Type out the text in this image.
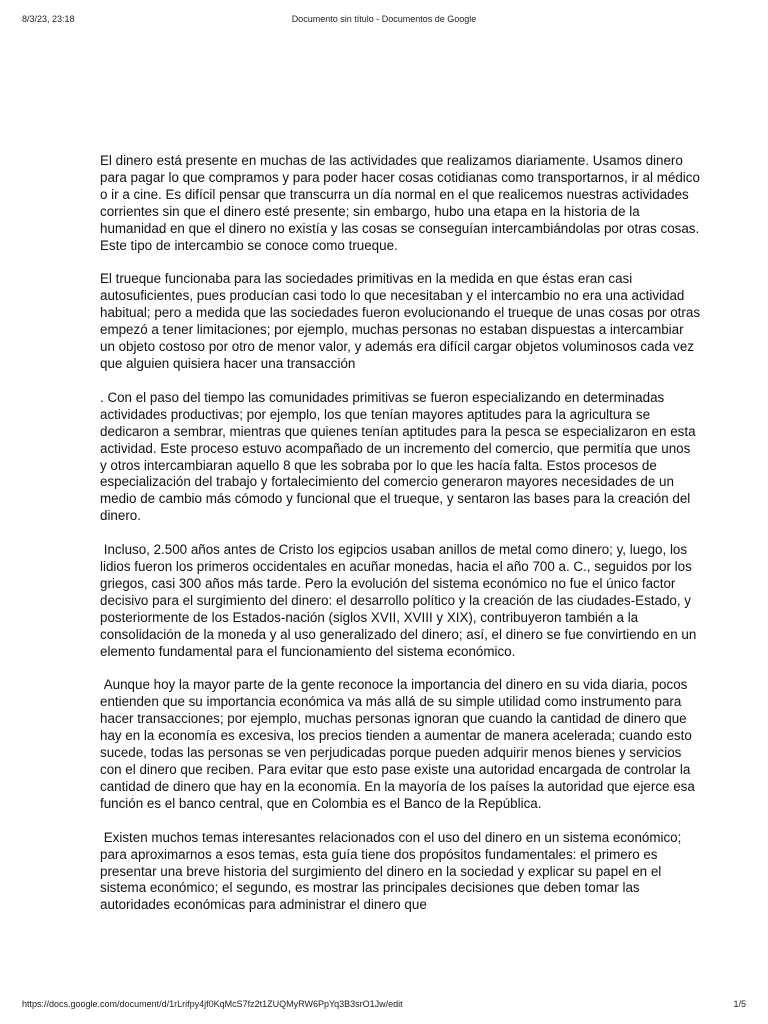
8/3/23, 23:18	Documento sin título - Documentos de Google

El dinero está presente en muchas de las actividades que realizamos diariamente. Usamos dinero para pagar lo que compramos y para poder hacer cosas cotidianas como transportarnos, ir al médico o ir a cine. Es difícil pensar que transcurra un día normal en el que realicemos nuestras actividades corrientes sin que el dinero esté presente; sin embargo, hubo una etapa en la historia de la humanidad en que el dinero no existía y las cosas se conseguían intercambiándolas por otras cosas. Este tipo de intercambio se conoce como trueque.

El trueque funcionaba para las sociedades primitivas en la medida en que éstas eran casi autosuficientes, pues producían casi todo lo que necesitaban y el intercambio no era una actividad habitual; pero a medida que las sociedades fueron evolucionando el trueque de unas cosas por otras empezó a tener limitaciones; por ejemplo, muchas personas no estaban dispuestas a intercambiar un objeto costoso por otro de menor valor, y además era difícil cargar objetos voluminosos cada vez que alguien quisiera hacer una transacción

. Con el paso del tiempo las comunidades primitivas se fueron especializando en determinadas actividades productivas; por ejemplo, los que tenían mayores aptitudes para la agricultura se dedicaron a sembrar, mientras que quienes tenían aptitudes para la pesca se especializaron en esta actividad. Este proceso estuvo acompañado de un incremento del comercio, que permitía que unos y otros intercambiaran aquello 8 que les sobraba por lo que les hacía falta. Estos procesos de especialización del trabajo y fortalecimiento del comercio generaron mayores necesidades de un medio de cambio más cómodo y funcional que el trueque, y sentaron las bases para la creación del dinero.

Incluso, 2.500 años antes de Cristo los egipcios usaban anillos de metal como dinero; y, luego, los lidios fueron los primeros occidentales en acuñar monedas, hacia el año 700 a. C., seguidos por los griegos, casi 300 años más tarde. Pero la evolución del sistema económico no fue el único factor decisivo para el surgimiento del dinero: el desarrollo político y la creación de las ciudades-Estado, y posteriormente de los Estados-nación (siglos XVII, XVIII y XIX), contribuyeron también a la consolidación de la moneda y al uso generalizado del dinero; así, el dinero se fue convirtiendo en un elemento fundamental para el funcionamiento del sistema económico.

Aunque hoy la mayor parte de la gente reconoce la importancia del dinero en su vida diaria, pocos entienden que su importancia económica va más allá de su simple utilidad como instrumento para hacer transacciones; por ejemplo, muchas personas ignoran que cuando la cantidad de dinero que hay en la economía es excesiva, los precios tienden a aumentar de manera acelerada; cuando esto sucede, todas las personas se ven perjudicadas porque pueden adquirir menos bienes y servicios con el dinero que reciben. Para evitar que esto pase existe una autoridad encargada de controlar la cantidad de dinero que hay en la economía. En la mayoría de los países la autoridad que ejerce esa función es el banco central, que en Colombia es el Banco de la República.

Existen muchos temas interesantes relacionados con el uso del dinero en un sistema económico; para aproximarnos a esos temas, esta guía tiene dos propósitos fundamentales: el primero es presentar una breve historia del surgimiento del dinero en la sociedad y explicar su papel en el sistema económico; el segundo, es mostrar las principales decisiones que deben tomar las autoridades económicas para administrar el dinero que

https://docs.google.com/document/d/1rLrifpy4jf0KqMcS7fz2t1ZUQMyRW6PpYq3B3srO1Jw/edit	1/5
